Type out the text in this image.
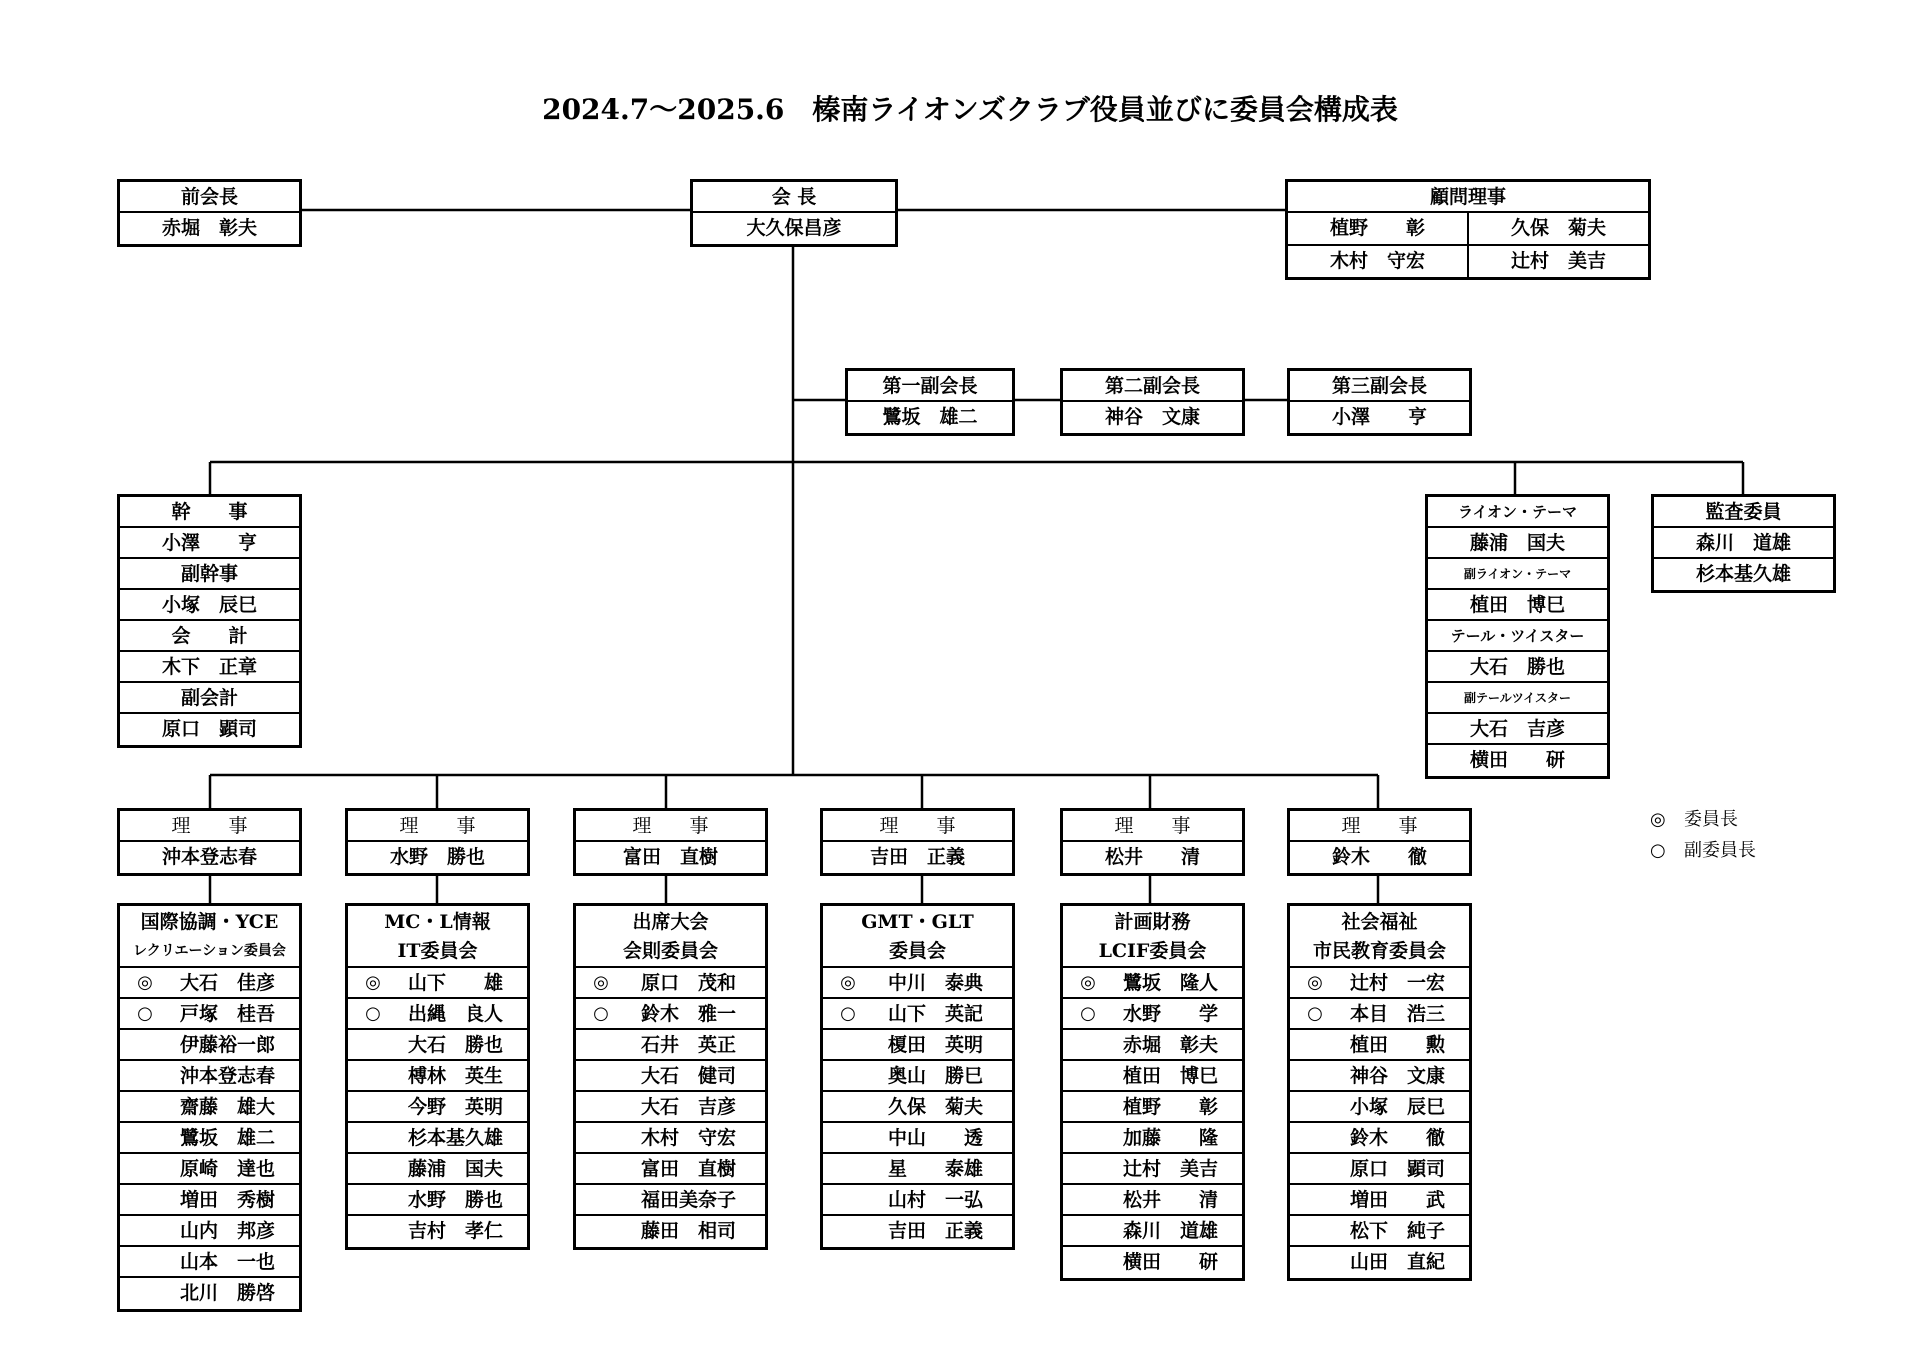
2024.7～2025.6　榛南ライオンズクラブ役員並びに委員会構成表
前会長
赤堀　彰夫
会 長
大久保昌彦
顧問理事
植野　　彰	久保　菊夫
木村　守宏	辻村　美吉
第一副会長
鷺坂　雄二
第二副会長
神谷　文康
第三副会長
小澤　　亨
幹　　事
小澤　　亨
副幹事
小塚　辰巳
会　　計
木下　正章
副会計
原口　顕司
ライオン・テーマ
藤浦　国夫
副ライオン・テーマ
植田　博巳
テール・ツイスター
大石　勝也
副テールツイスター
大石　吉彦
横田　　研
監査委員
森川　道雄
杉本基久雄
理　　事
沖本登志春
理　　事
水野　勝也
理　　事
富田　直樹
理　　事
吉田　正義
理　　事
松井　　清
理　　事
鈴木　　徹
国際協調・YCE
レクリエーション委員会
◎	大石　佳彦
○	戸塚　桂吾
伊藤裕一郎
沖本登志春
齋藤　雄大
鷺坂　雄二
原崎　達也
増田　秀樹
山内　邦彦
山本　一也
北川　勝啓
MC・L情報
IT委員会
◎	山下　　雄
○	出縄　良人
大石　勝也
榑林　英生
今野　英明
杉本基久雄
藤浦　国夫
水野　勝也
吉村　孝仁
出席大会
会則委員会
◎	原口　茂和
○	鈴木　雅一
石井　英正
大石　健司
大石　吉彦
木村　守宏
富田　直樹
福田美奈子
藤田　相司
GMT・GLT
委員会
◎	中川　泰典
○	山下　英記
榎田　英明
奥山　勝巳
久保　菊夫
中山　　透
星　　泰雄
山村　一弘
吉田　正義
計画財務
LCIF委員会
◎	鷺坂　隆人
○	水野　　学
赤堀　彰夫
植田　博巳
植野　　彰
加藤　　隆
辻村　美吉
松井　　清
森川　道雄
横田　　研
社会福祉
市民教育委員会
◎	辻村　一宏
○	本目　浩三
植田　　勲
神谷　文康
小塚　辰巳
鈴木　　徹
原口　顕司
増田　　武
松下　純子
山田　直紀
◎ 委員長
○ 副委員長
